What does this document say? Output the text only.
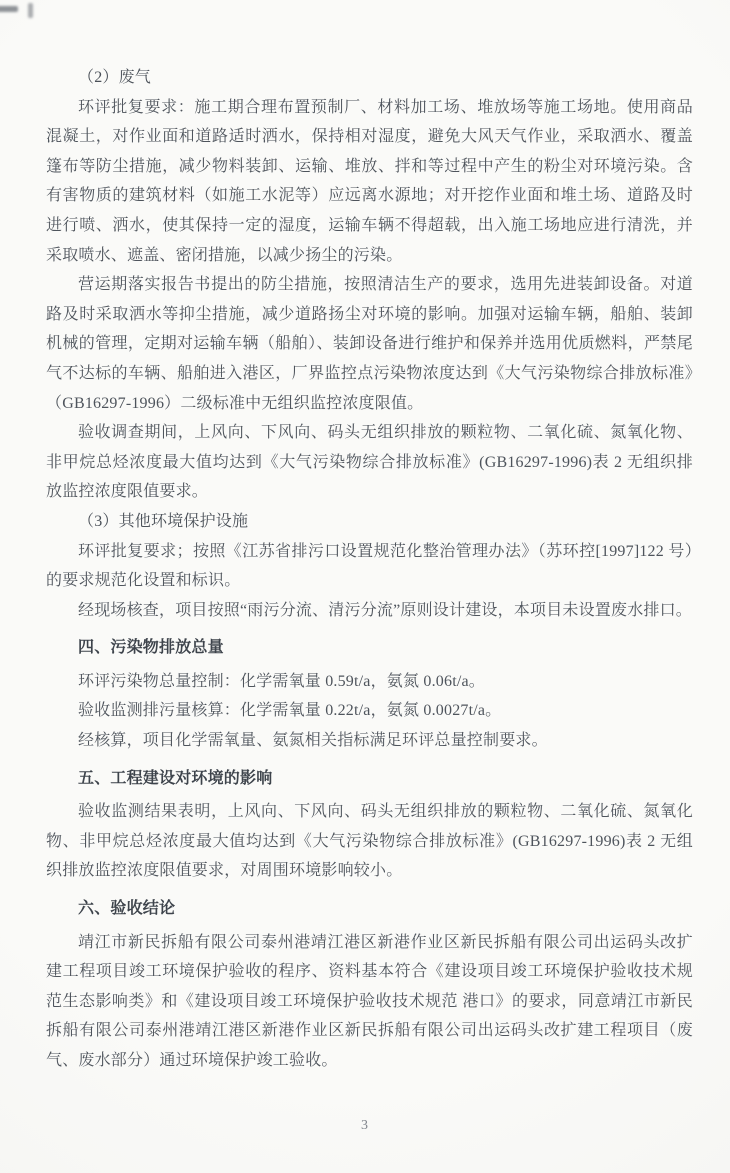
（2）废气

环评批复要求：施工期合理布置预制厂、材料加工场、堆放场等施工场地。使用商品混凝土，对作业面和道路适时洒水，保持相对湿度，避免大风天气作业，采取洒水、覆盖篷布等防尘措施，减少物料装卸、运输、堆放、拌和等过程中产生的粉尘对环境污染。含有害物质的建筑材料（如施工水泥等）应远离水源地；对开挖作业面和堆土场、道路及时进行喷、洒水，使其保持一定的湿度，运输车辆不得超载，出入施工场地应进行清洗，并采取喷水、遮盖、密闭措施，以减少扬尘的污染。

营运期落实报告书提出的防尘措施，按照清洁生产的要求，选用先进装卸设备。对道路及时采取洒水等抑尘措施，减少道路扬尘对环境的影响。加强对运输车辆，船舶、装卸机械的管理，定期对运输车辆（船舶）、装卸设备进行维护和保养并选用优质燃料，严禁尾气不达标的车辆、船舶进入港区，厂界监控点污染物浓度达到《大气污染物综合排放标准》（GB16297-1996）二级标准中无组织监控浓度限值。

验收调查期间，上风向、下风向、码头无组织排放的颗粒物、二氧化硫、氮氧化物、非甲烷总烃浓度最大值均达到《大气污染物综合排放标准》(GB16297-1996)表 2 无组织排放监控浓度限值要求。

（3）其他环境保护设施

环评批复要求；按照《江苏省排污口设置规范化整治管理办法》（苏环控[1997]122 号）的要求规范化设置和标识。

经现场核查，项目按照“雨污分流、清污分流”原则设计建设，本项目未设置废水排口。

四、污染物排放总量

环评污染物总量控制：化学需氧量 0.59t/a，氨氮 0.06t/a。

验收监测排污量核算：化学需氧量 0.22t/a，氨氮 0.0027t/a。

经核算，项目化学需氧量、氨氮相关指标满足环评总量控制要求。

五、工程建设对环境的影响

验收监测结果表明，上风向、下风向、码头无组织排放的颗粒物、二氧化硫、氮氧化物、非甲烷总烃浓度最大值均达到《大气污染物综合排放标准》(GB16297-1996)表 2 无组织排放监控浓度限值要求，对周围环境影响较小。

六、验收结论

靖江市新民拆船有限公司泰州港靖江港区新港作业区新民拆船有限公司出运码头改扩建工程项目竣工环境保护验收的程序、资料基本符合《建设项目竣工环境保护验收技术规范生态影响类》和《建设项目竣工环境保护验收技术规范 港口》的要求，同意靖江市新民拆船有限公司泰州港靖江港区新港作业区新民拆船有限公司出运码头改扩建工程项目（废气、废水部分）通过环境保护竣工验收。

3
